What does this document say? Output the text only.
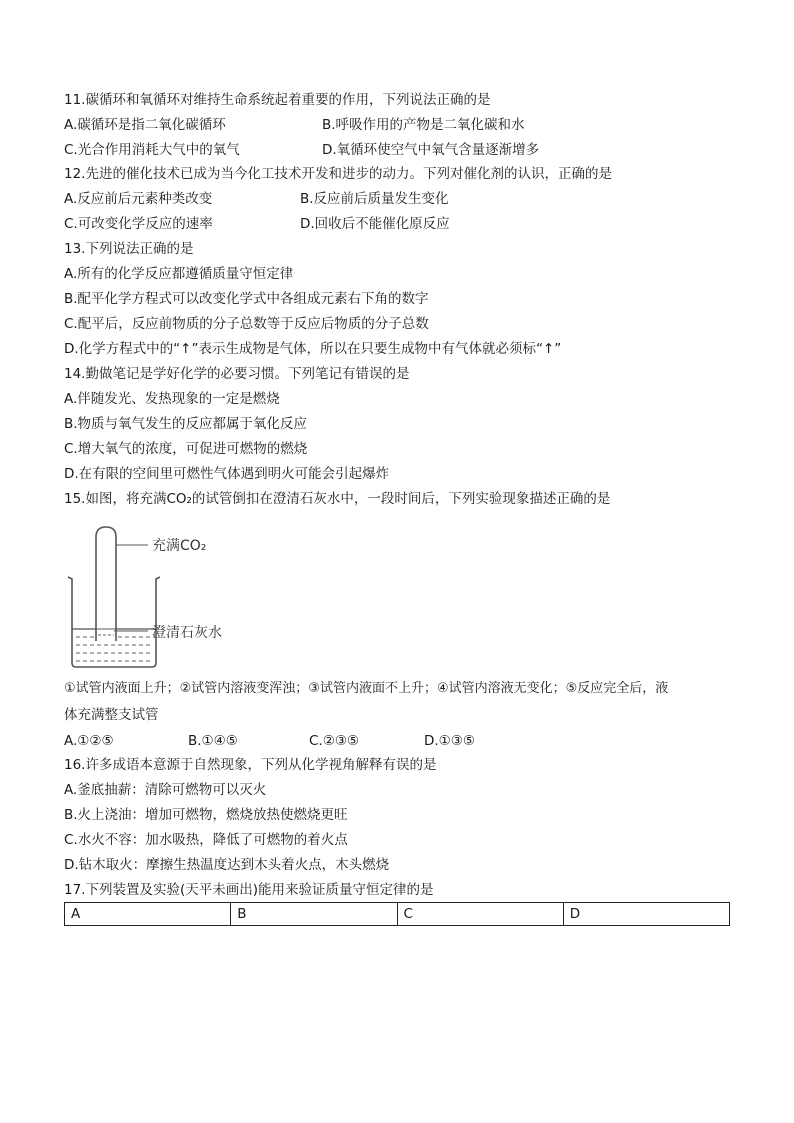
11.碳循环和氧循环对维持生命系统起着重要的作用，下列说法正确的是
A.碳循环是指二氧化碳循环	B.呼吸作用的产物是二氧化碳和水
C.光合作用消耗大气中的氧气	D.氧循环使空气中氧气含量逐渐增多
12.先进的催化技术已成为当今化工技术开发和进步的动力。下列对催化剂的认识，正确的是
A.反应前后元素种类改变	B.反应前后质量发生变化
C.可改变化学反应的速率	D.回收后不能催化原反应
13.下列说法正确的是
A.所有的化学反应都遵循质量守恒定律
B.配平化学方程式可以改变化学式中各组成元素右下角的数字
C.配平后，反应前物质的分子总数等于反应后物质的分子总数
D.化学方程式中的“↑”表示生成物是气体，所以在只要生成物中有气体就必须标“↑”
14.勤做笔记是学好化学的必要习惯。下列笔记有错误的是
A.伴随发光、发热现象的一定是燃烧
B.物质与氧气发生的反应都属于氧化反应
C.增大氧气的浓度，可促进可燃物的燃烧
D.在有限的空间里可燃性气体遇到明火可能会引起爆炸
15.如图，将充满CO₂的试管倒扣在澄清石灰水中，一段时间后，下列实验现象描述正确的是
充满CO₂
澄清石灰水
①试管内液面上升；②试管内溶液变浑浊；③试管内液面不上升；④试管内溶液无变化；⑤反应完全后，液
体充满整支试管
A.①②⑤	B.①④⑤	C.②③⑤	D.①③⑤
16.许多成语本意源于自然现象，下列从化学视角解释有误的是
A.釜底抽薪：清除可燃物可以灭火
B.火上浇油：增加可燃物，燃烧放热使燃烧更旺
C.水火不容：加水吸热，降低了可燃物的着火点
D.钻木取火：摩擦生热温度达到木头着火点，木头燃烧
17.下列装置及实验(天平未画出)能用来验证质量守恒定律的是
A	B	C	D
